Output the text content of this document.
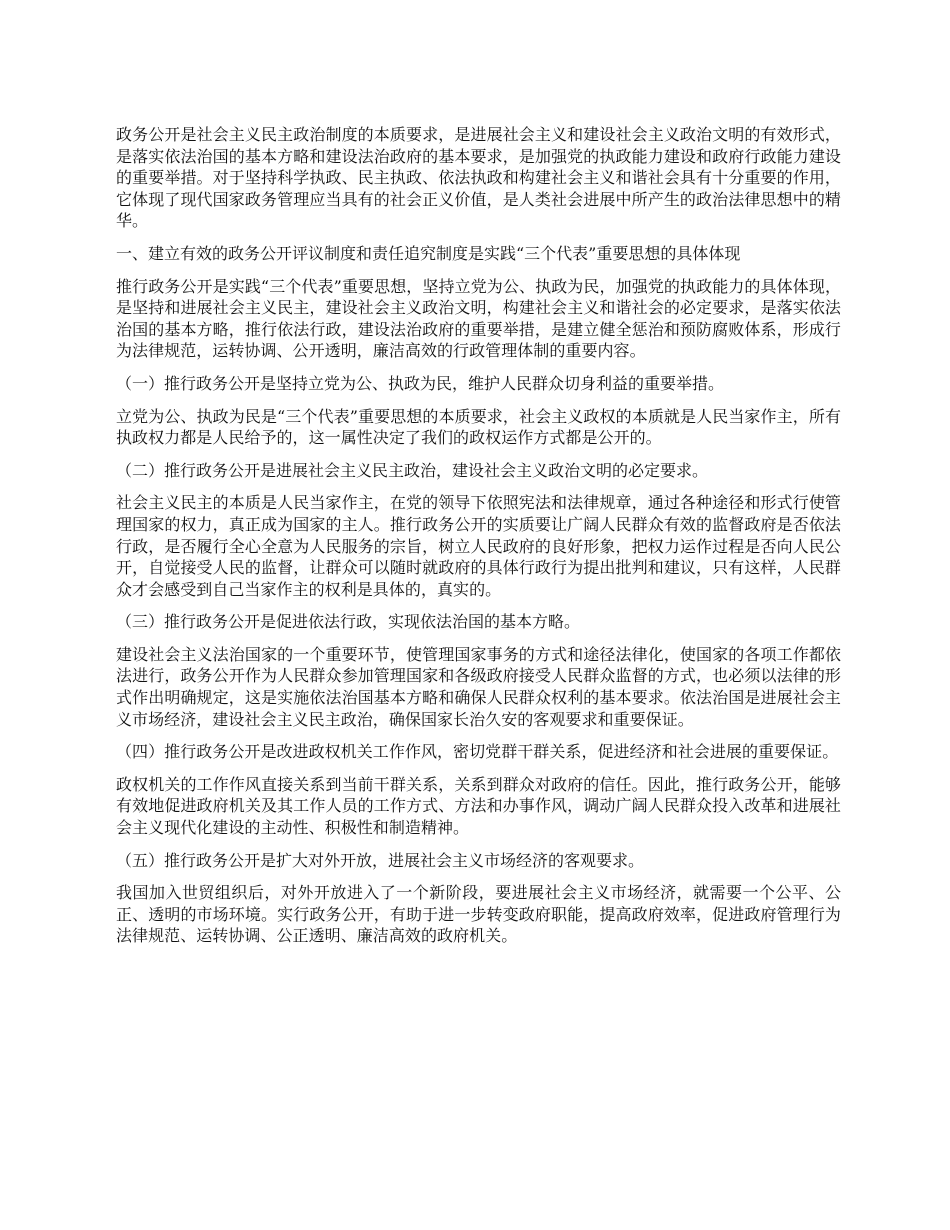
政务公开是社会主义民主政治制度的本质要求，是进展社会主义和建设社会主义政治文明的有效形式，是落实依法治国的基本方略和建设法治政府的基本要求，是加强党的执政能力建设和政府行政能力建设的重要举措。对于坚持科学执政、民主执政、依法执政和构建社会主义和谐社会具有十分重要的作用，它体现了现代国家政务管理应当具有的社会正义价值，是人类社会进展中所产生的政治法律思想中的精华。

一、建立有效的政务公开评议制度和责任追究制度是实践“三个代表”重要思想的具体体现

推行政务公开是实践“三个代表”重要思想，坚持立党为公、执政为民，加强党的执政能力的具体体现，是坚持和进展社会主义民主，建设社会主义政治文明，构建社会主义和谐社会的必定要求，是落实依法治国的基本方略，推行依法行政，建设法治政府的重要举措，是建立健全惩治和预防腐败体系，形成行为法律规范，运转协调、公开透明，廉洁高效的行政管理体制的重要内容。

（一）推行政务公开是坚持立党为公、执政为民，维护人民群众切身利益的重要举措。

立党为公、执政为民是“三个代表”重要思想的本质要求，社会主义政权的本质就是人民当家作主，所有执政权力都是人民给予的，这一属性决定了我们的政权运作方式都是公开的。

（二）推行政务公开是进展社会主义民主政治，建设社会主义政治文明的必定要求。

社会主义民主的本质是人民当家作主，在党的领导下依照宪法和法律规章，通过各种途径和形式行使管理国家的权力，真正成为国家的主人。推行政务公开的实质要让广阔人民群众有效的监督政府是否依法行政，是否履行全心全意为人民服务的宗旨，树立人民政府的良好形象，把权力运作过程是否向人民公开，自觉接受人民的监督，让群众可以随时就政府的具体行政行为提出批判和建议，只有这样，人民群众才会感受到自己当家作主的权利是具体的，真实的。

（三）推行政务公开是促进依法行政，实现依法治国的基本方略。

建设社会主义法治国家的一个重要环节，使管理国家事务的方式和途径法律化，使国家的各项工作都依法进行，政务公开作为人民群众参加管理国家和各级政府接受人民群众监督的方式，也必须以法律的形式作出明确规定，这是实施依法治国基本方略和确保人民群众权利的基本要求。依法治国是进展社会主义市场经济，建设社会主义民主政治，确保国家长治久安的客观要求和重要保证。

（四）推行政务公开是改进政权机关工作作风，密切党群干群关系，促进经济和社会进展的重要保证。

政权机关的工作作风直接关系到当前干群关系，关系到群众对政府的信任。因此，推行政务公开，能够有效地促进政府机关及其工作人员的工作方式、方法和办事作风，调动广阔人民群众投入改革和进展社会主义现代化建设的主动性、积极性和制造精神。

（五）推行政务公开是扩大对外开放，进展社会主义市场经济的客观要求。

我国加入世贸组织后，对外开放进入了一个新阶段，要进展社会主义市场经济，就需要一个公平、公正、透明的市场环境。实行政务公开，有助于进一步转变政府职能，提高政府效率，促进政府管理行为法律规范、运转协调、公正透明、廉洁高效的政府机关。
